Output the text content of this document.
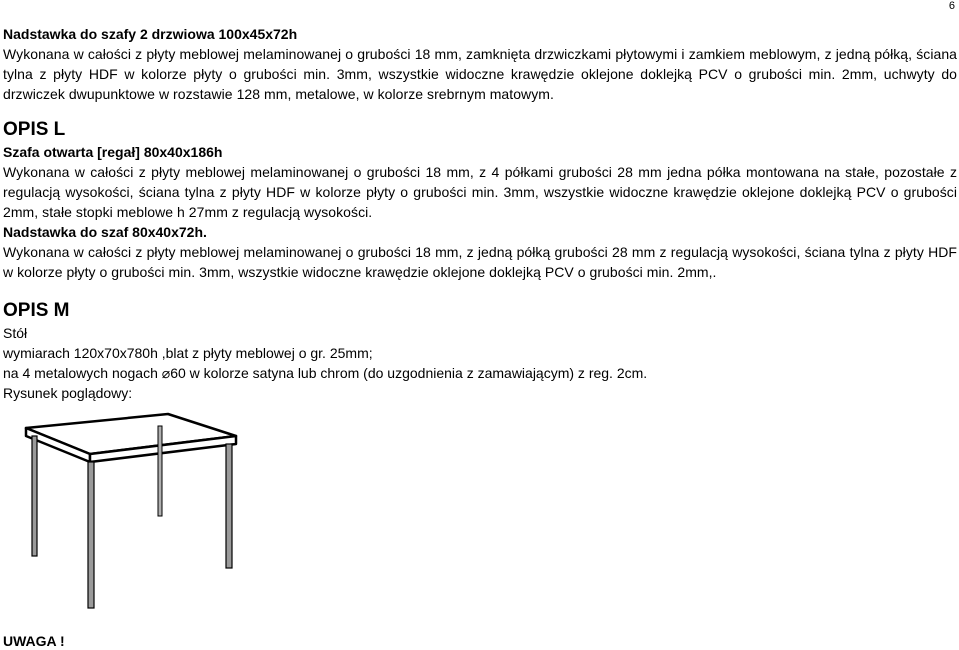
6
Nadstawka do szafy 2 drzwiowa 100x45x72h
Wykonana w całości z płyty meblowej melaminowanej o grubości 18 mm, zamknięta drzwiczkami płytowymi i zamkiem meblowym, z jedną półką, ściana tylna z płyty HDF w kolorze płyty o grubości min. 3mm, wszystkie widoczne krawędzie oklejone doklejką PCV o grubości min. 2mm, uchwyty do drzwiczek dwupunktowe w rozstawie 128 mm, metalowe, w kolorze srebrnym matowym.
OPIS L
Szafa otwarta [regał] 80x40x186h
Wykonana w całości z płyty meblowej melaminowanej o grubości 18 mm, z 4 półkami grubości 28 mm jedna półka montowana na stałe, pozostałe z regulacją wysokości, ściana tylna z płyty HDF w kolorze płyty o grubości min. 3mm, wszystkie widoczne krawędzie oklejone doklejką PCV o grubości 2mm, stałe stopki meblowe h 27mm z regulacją wysokości.
Nadstawka do szaf 80x40x72h.
Wykonana w całości z płyty meblowej melaminowanej o grubości 18 mm, z jedną półką grubości 28 mm z regulacją wysokości, ściana tylna z płyty HDF w kolorze płyty o grubości min. 3mm, wszystkie widoczne krawędzie oklejone doklejką PCV o grubości min. 2mm,.
OPIS M
Stół
wymiarach 120x70x780h ,blat z płyty meblowej o gr. 25mm;
na 4 metalowych nogach ⌀60 w kolorze satyna lub chrom (do uzgodnienia z zamawiającym) z reg. 2cm.
Rysunek poglądowy:
UWAGA !
